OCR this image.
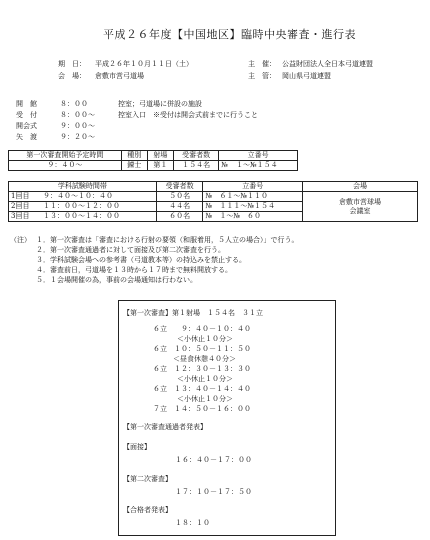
平成２６年度【中国地区】臨時中央審査・進行表
期　日： 平成２６年１０月１１日（土）
会　場： 倉敷市営弓道場
主　催： 公益財団法人全日本弓道連盟
主　管： 岡山県弓道連盟
開　館	８：００	控室；弓道場に併設の施設
受　付	８：００～	控室入口　※受付は開会式前までに行うこと
開会式	９：００～
矢　渡	９：２０～
第一次審査開始予定時間	種別	射場	受審者数	立番号	
９：４０～	錬士	第１	１５４名	№	１～№１５４
学科試験時間帯		受審者数	立番号		会場
1回目	９：４０～１０：４０	５０名	№	６１～№１１０	倉敷市営球場
会議室

2回目	１１：００～１２：００	４４名	№	１１１～№１５４	
3回目	１３：００～１４：００	６０名	№	１～№　６０	
（注） １．第一次審査は「審査における行射の要領（和服着用，５人立の場合）」で行う。
２．第一次審査通過者に対して面接及び第二次審査を行う。
３．学科試験会場への参考書（弓道教本等）の持込みを禁止する。
４．審査前日，弓道場を１３時から１７時まで無料開放する。
５．１会場開催の為，事前の会場通知は行わない。
【第一次審査】第１射場　１５４名　３１立
６立　　９：４０－１０：４０
＜小休止１０分＞
６立　１０：５０－１１：５０
＜昼食休憩４０分＞
６立　１２：３０－１３：３０
＜小休止１０分＞
６立　１３：４０－１４：４０
＜小休止１０分＞
７立　１４：５０－１６：００
【第一次審査通過者発表】
【面接】
１６：４０－１７：００
【第二次審査】
１７：１０－１７：５０
【合格者発表】
１８：１０
